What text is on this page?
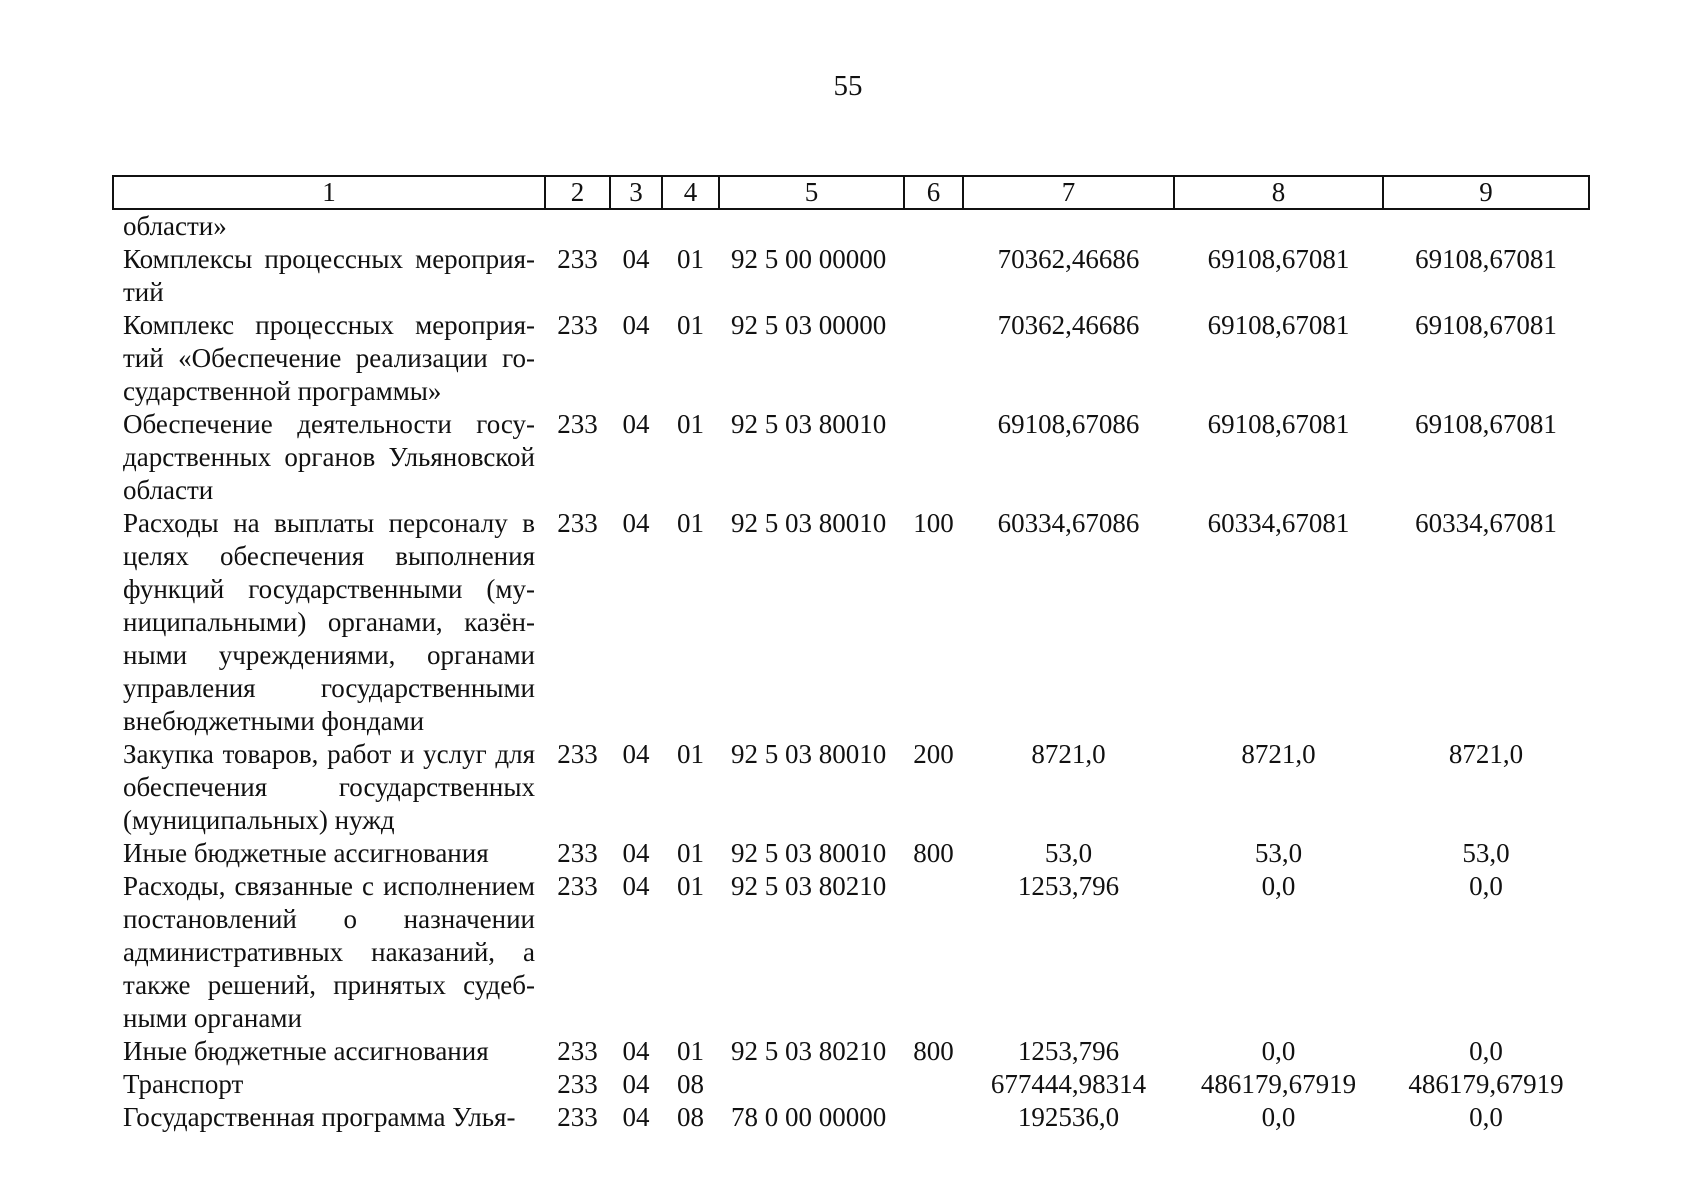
55
1	2	3	4	5	6	7	8	9
области»								
Комплексы процессных мероприятий	233	04	01	92 5 00 00000		70362,46686	69108,67081	69108,67081
Комплекс процессных мероприятий «Обеспечение реализации государственной программы»	233	04	01	92 5 03 00000		70362,46686	69108,67081	69108,67081
Обеспечение деятельности государственных органов Ульяновской области	233	04	01	92 5 03 80010		69108,67086	69108,67081	69108,67081
Расходы на выплаты персоналу в целях обеспечения выполнения функций государственными (муниципальными) органами, казёнными учреждениями, органами управления государственными внебюджетными фондами	233	04	01	92 5 03 80010	100	60334,67086	60334,67081	60334,67081
Закупка товаров, работ и услуг для обеспечения государственных (муниципальных) нужд	233	04	01	92 5 03 80010	200	8721,0	8721,0	8721,0
Иные бюджетные ассигнования	233	04	01	92 5 03 80010	800	53,0	53,0	53,0
Расходы, связанные с исполнением постановлений о назначении административных наказаний, а также решений, принятых судебными органами	233	04	01	92 5 03 80210		1253,796	0,0	0,0
Иные бюджетные ассигнования	233	04	01	92 5 03 80210	800	1253,796	0,0	0,0
Транспорт	233	04	08			677444,98314	486179,67919	486179,67919
Государственная программа Улья-	233	04	08	78 0 00 00000		192536,0	0,0	0,0
